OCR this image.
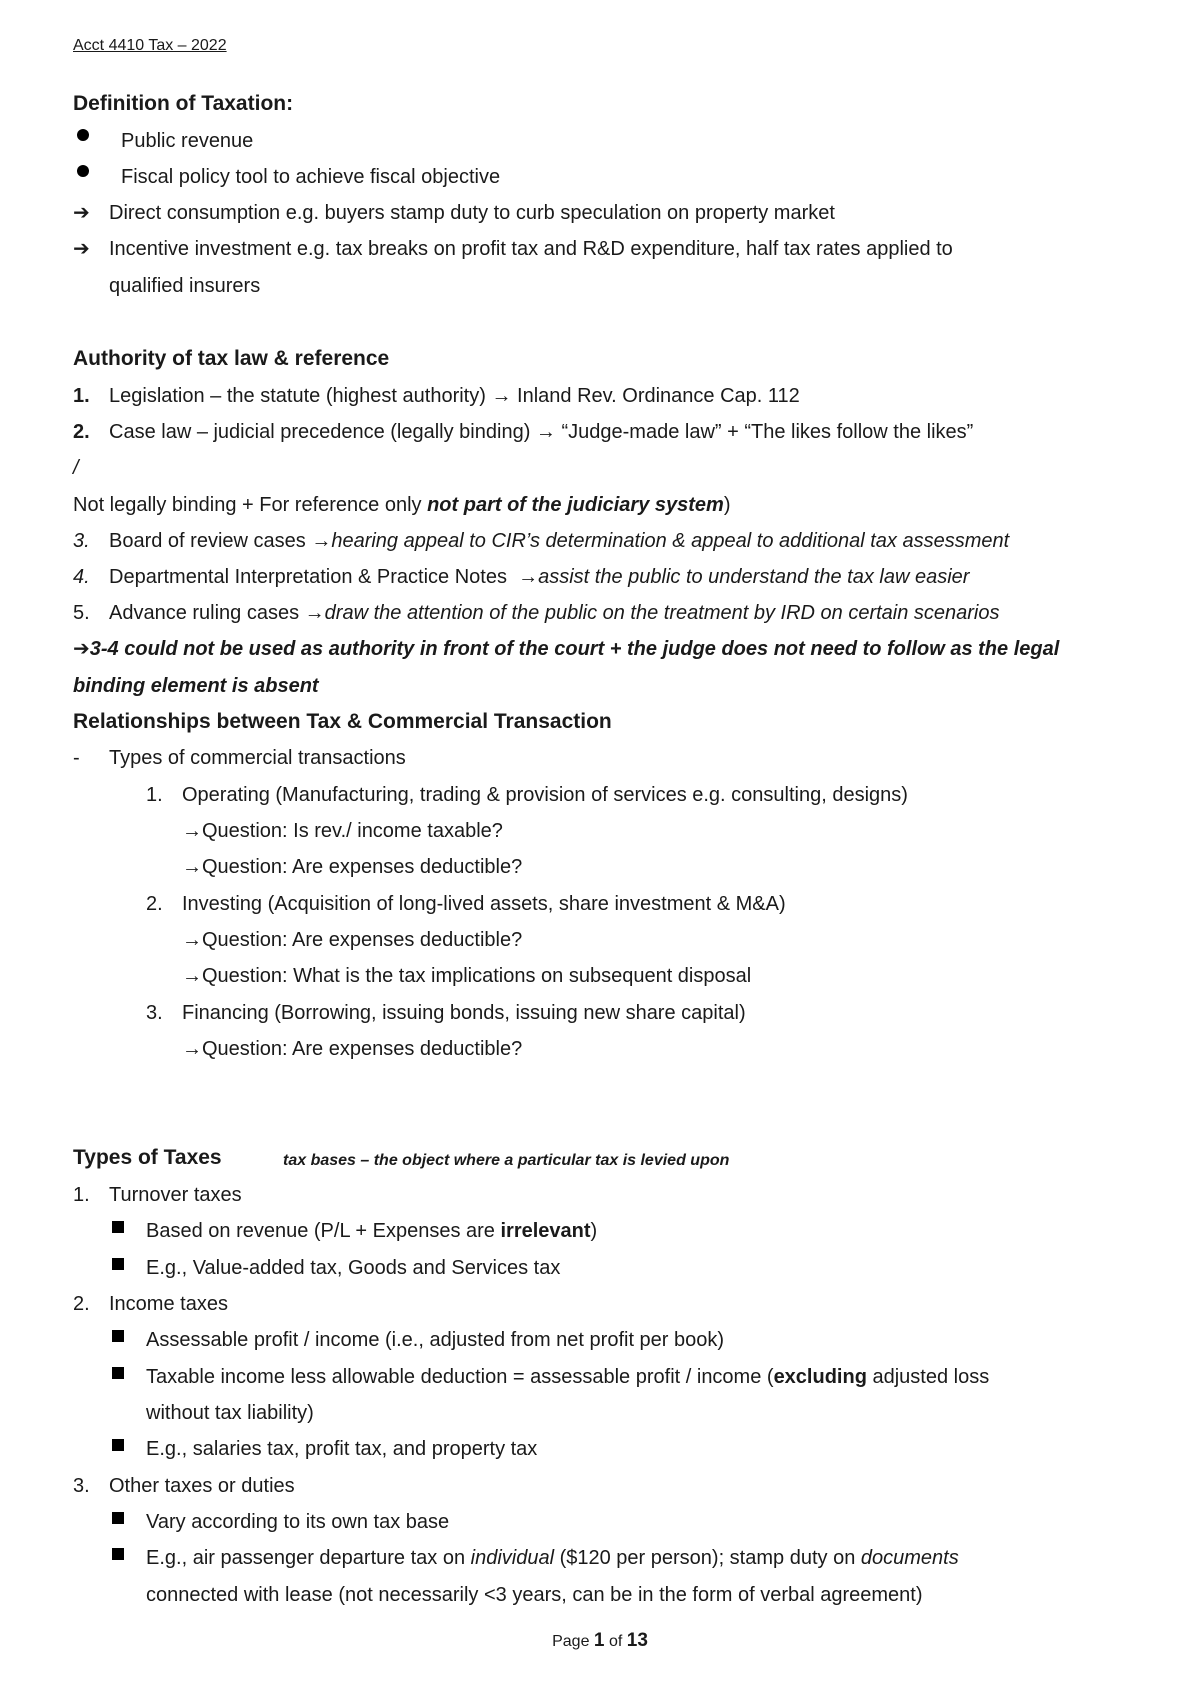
Acct 4410 Tax – 2022
Definition of Taxation:
Public revenue
Fiscal policy tool to achieve fiscal objective
➔ Direct consumption e.g. buyers stamp duty to curb speculation on property market
➔ Incentive investment e.g. tax breaks on profit tax and R&D expenditure, half tax rates applied to
qualified insurers
Authority of tax law & reference
1. Legislation – the statute (highest authority) → Inland Rev. Ordinance Cap. 112
2. Case law – judicial precedence (legally binding) → “Judge-made law” + “The likes follow the likes”
/
Not legally binding + For reference only not part of the judiciary system)
3. Board of review cases →hearing appeal to CIR’s determination & appeal to additional tax assessment
4. Departmental Interpretation & Practice Notes  →assist the public to understand the tax law easier
5. Advance ruling cases →draw the attention of the public on the treatment by IRD on certain scenarios
➔3-4 could not be used as authority in front of the court + the judge does not need to follow as the legal
binding element is absent
Relationships between Tax & Commercial Transaction
- Types of commercial transactions
1. Operating (Manufacturing, trading & provision of services e.g. consulting, designs)
→Question: Is rev./ income taxable?
→Question: Are expenses deductible?
2. Investing (Acquisition of long-lived assets, share investment & M&A)
→Question: Are expenses deductible?
→Question: What is the tax implications on subsequent disposal
3. Financing (Borrowing, issuing bonds, issuing new share capital)
→Question: Are expenses deductible?
Types of Taxes	tax bases – the object where a particular tax is levied upon
1. Turnover taxes
Based on revenue (P/L + Expenses are irrelevant)
E.g., Value-added tax, Goods and Services tax
2. Income taxes
Assessable profit / income (i.e., adjusted from net profit per book)
Taxable income less allowable deduction = assessable profit / income (excluding adjusted loss
without tax liability)
E.g., salaries tax, profit tax, and property tax
3. Other taxes or duties
Vary according to its own tax base
E.g., air passenger departure tax on individual ($120 per person); stamp duty on documents
connected with lease (not necessarily <3 years, can be in the form of verbal agreement)
Page 1 of 13
